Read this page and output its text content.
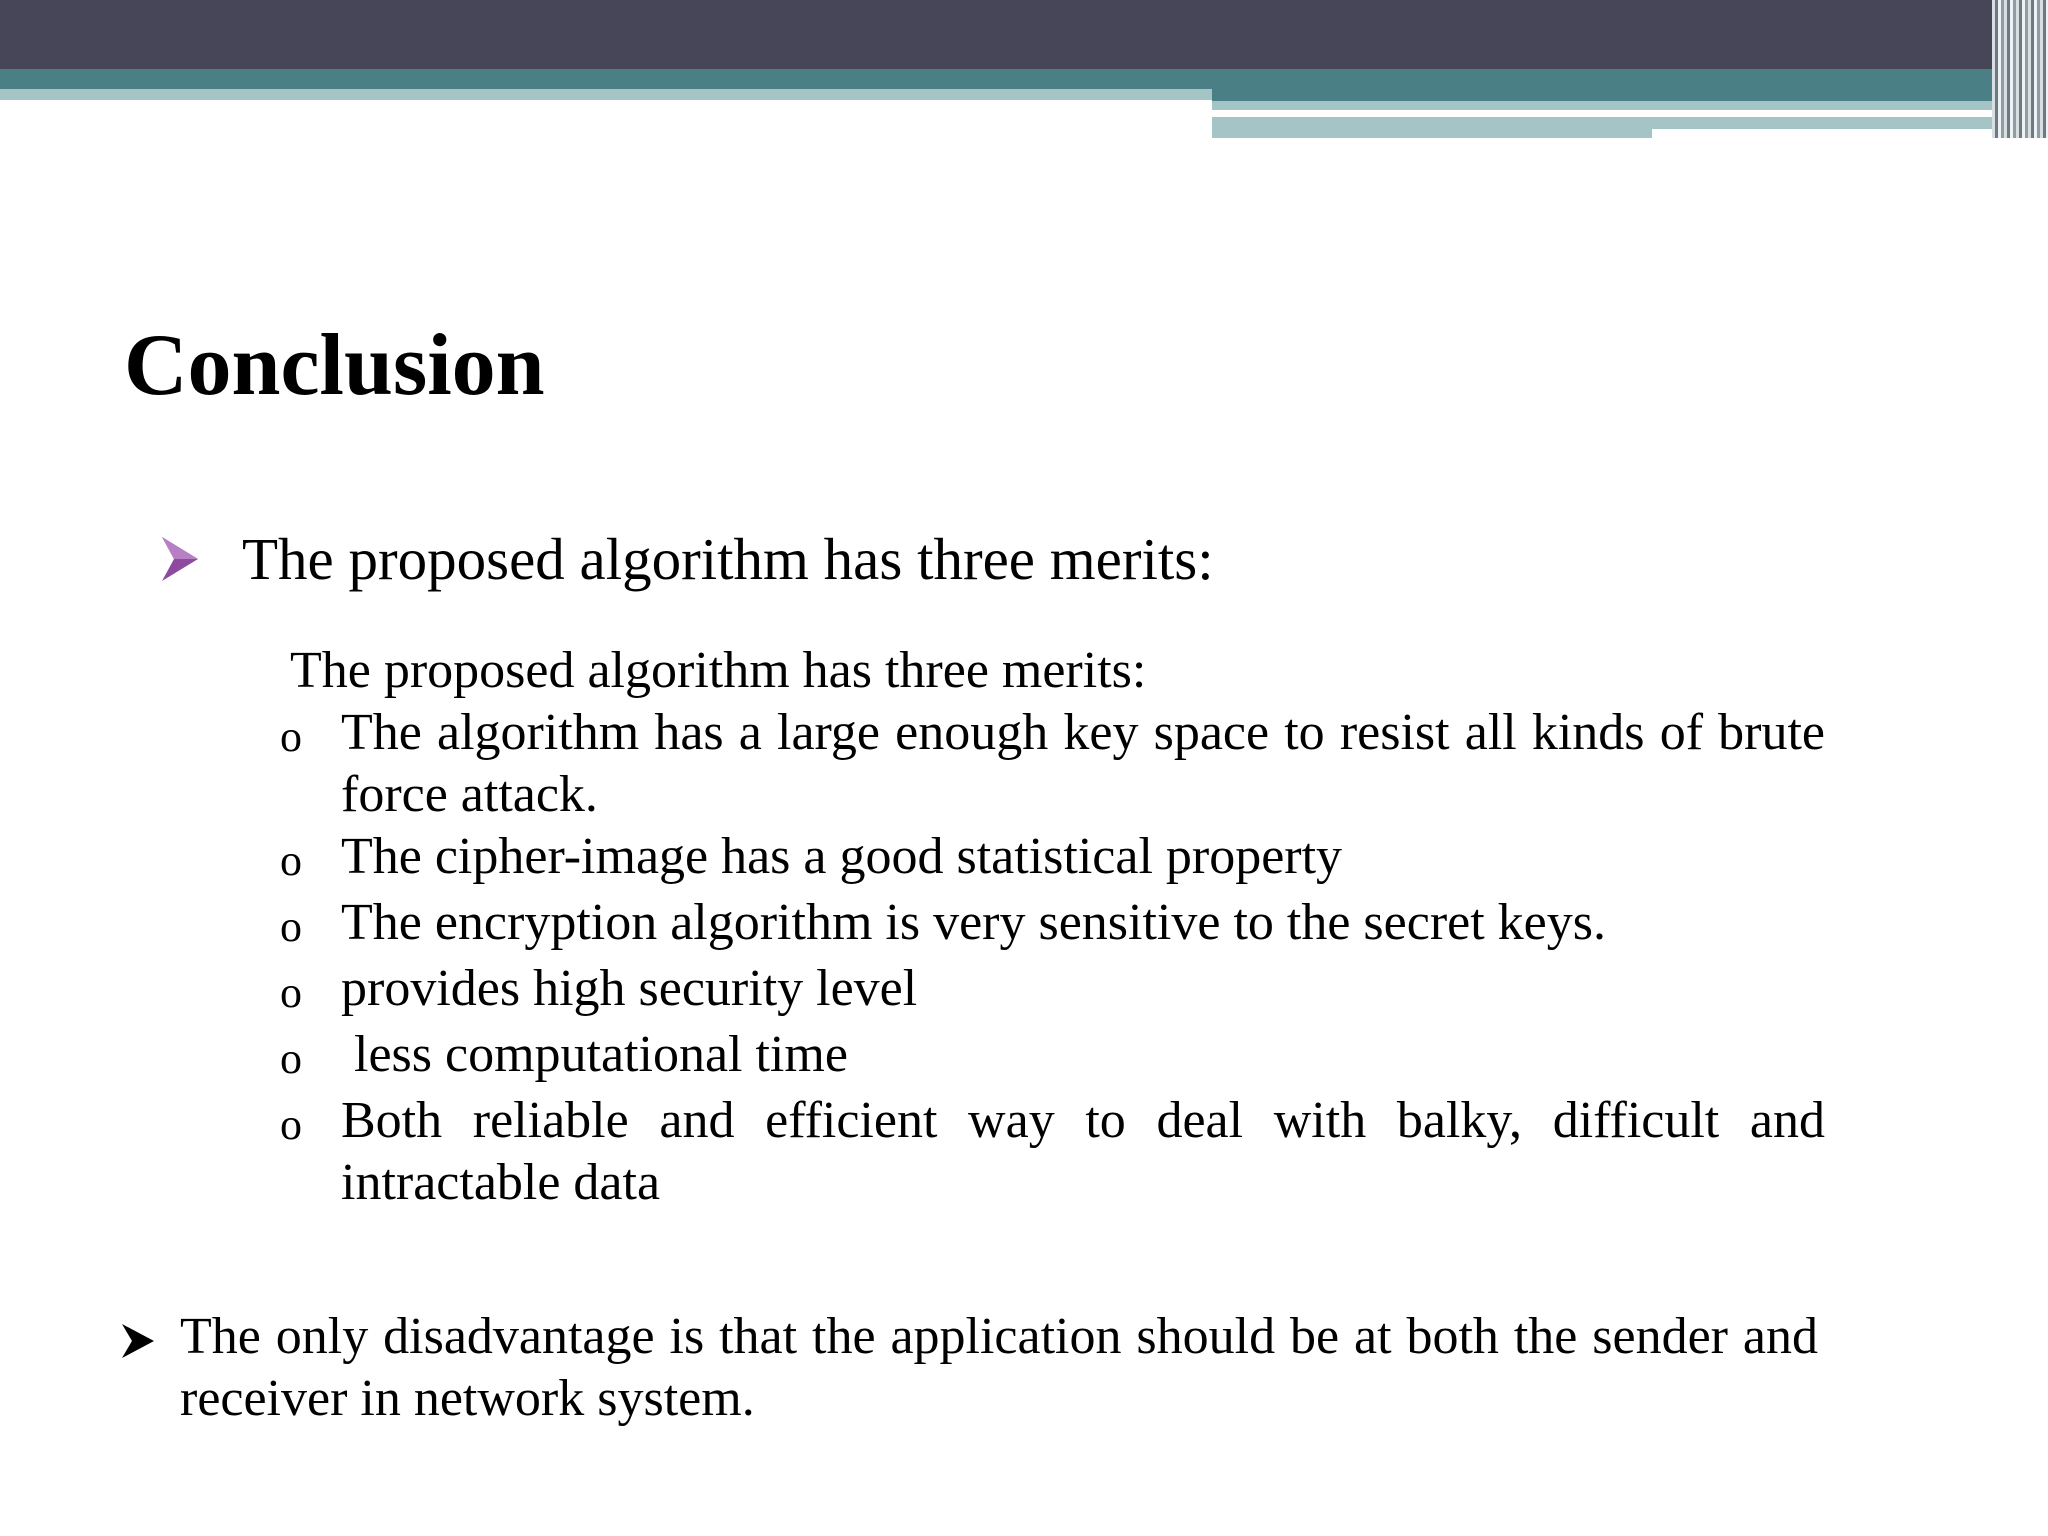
Conclusion
The proposed algorithm has three merits:
The proposed algorithm has three merits:
o The algorithm has a large enough key space to resist all kinds of brute force attack.
o The cipher-image has a good statistical property
o The encryption algorithm is very sensitive to the secret keys.
o provides high security level
o less computational time
o Both reliable and efficient way to deal with balky, difficult and intractable data
The only disadvantage is that the application should be at both the sender and receiver in network system.
